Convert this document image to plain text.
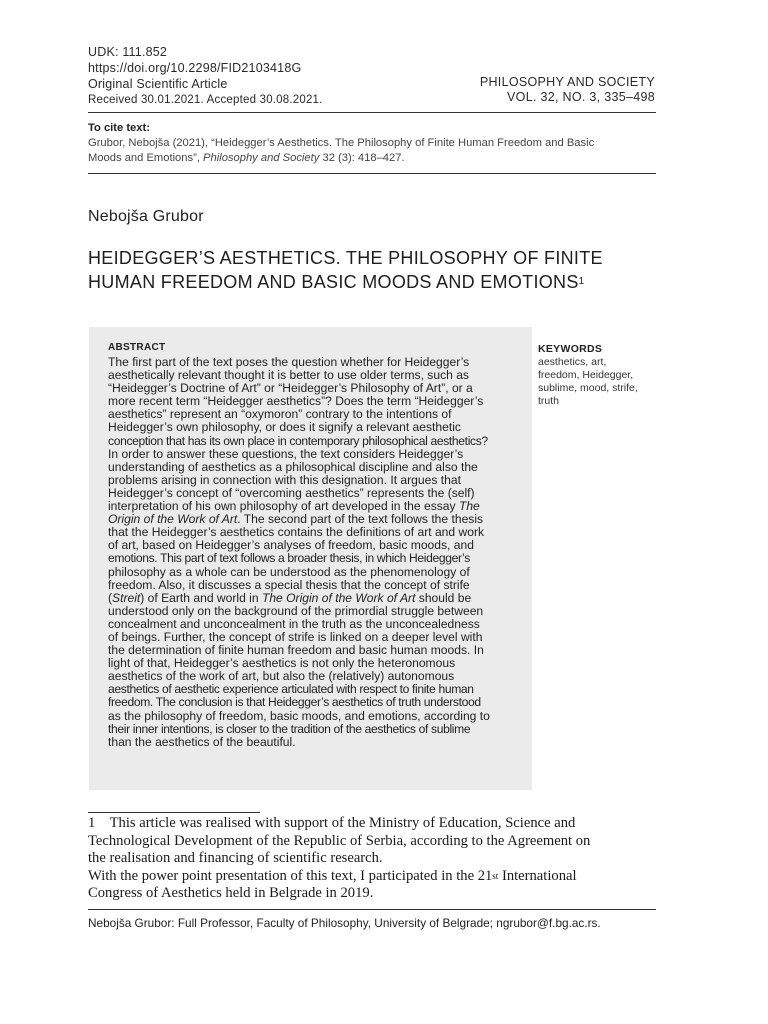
UDK: 111.852
https://doi.org/10.2298/FID2103418G
Original Scientific Article
Received 30.01.2021. Accepted 30.08.2021.
PHILOSOPHY AND SOCIETY
VOL. 32, NO. 3, 335–498
To cite text:
Grubor, Nebojša (2021), “Heidegger’s Aesthetics. The Philosophy of Finite Human Freedom and Basic
Moods and Emotions”, Philosophy and Society 32 (3): 418–427.
Nebojša Grubor
HEIDEGGER’S AESTHETICS. THE PHILOSOPHY OF FINITE
HUMAN FREEDOM AND BASIC MOODS AND EMOTIONS$^1$
ABSTRACT
The first part of the text poses the question whether for Heidegger’s
aesthetically relevant thought it is better to use older terms, such as
“Heidegger’s Doctrine of Art” or “Heidegger’s Philosophy of Art”, or a
more recent term “Heidegger aesthetics”? Does the term “Heidegger’s
aesthetics” represent an “oxymoron” contrary to the intentions of
Heidegger’s own philosophy, or does it signify a relevant aesthetic
conception that has its own place in contemporary philosophical aesthetics?
In order to answer these questions, the text considers Heidegger’s
understanding of aesthetics as a philosophical discipline and also the
problems arising in connection with this designation. It argues that
Heidegger’s concept of “overcoming aesthetics” represents the (self)
interpretation of his own philosophy of art developed in the essay The
Origin of the Work of Art. The second part of the text follows the thesis
that the Heidegger’s aesthetics contains the definitions of art and work
of art, based on Heidegger’s analyses of freedom, basic moods, and
emotions. This part of text follows a broader thesis, in which Heidegger’s
philosophy as a whole can be understood as the phenomenology of
freedom. Also, it discusses a special thesis that the concept of strife
(Streit) of Earth and world in The Origin of the Work of Art should be
understood only on the background of the primordial struggle between
concealment and unconcealment in the truth as the unconcealedness
of beings. Further, the concept of strife is linked on a deeper level with
the determination of finite human freedom and basic human moods. In
light of that, Heidegger’s aesthetics is not only the heteronomous
aesthetics of the work of art, but also the (relatively) autonomous
aesthetics of aesthetic experience articulated with respect to finite human
freedom. The conclusion is that Heidegger’s aesthetics of truth understood
as the philosophy of freedom, basic moods, and emotions, according to
their inner intentions, is closer to the tradition of the aesthetics of sublime
than the aesthetics of the beautiful.
KEYWORDS
aesthetics, art,
freedom, Heidegger,
sublime, mood, strife,
truth
1    This article was realised with support of the Ministry of Education, Science and
Technological Development of the Republic of Serbia, according to the Agreement on
the realisation and financing of scientific research.
With the power point presentation of this text, I participated in the 21st International
Congress of Aesthetics held in Belgrade in 2019.
Nebojša Grubor: Full Professor, Faculty of Philosophy, University of Belgrade; ngrubor@f.bg.ac.rs.
